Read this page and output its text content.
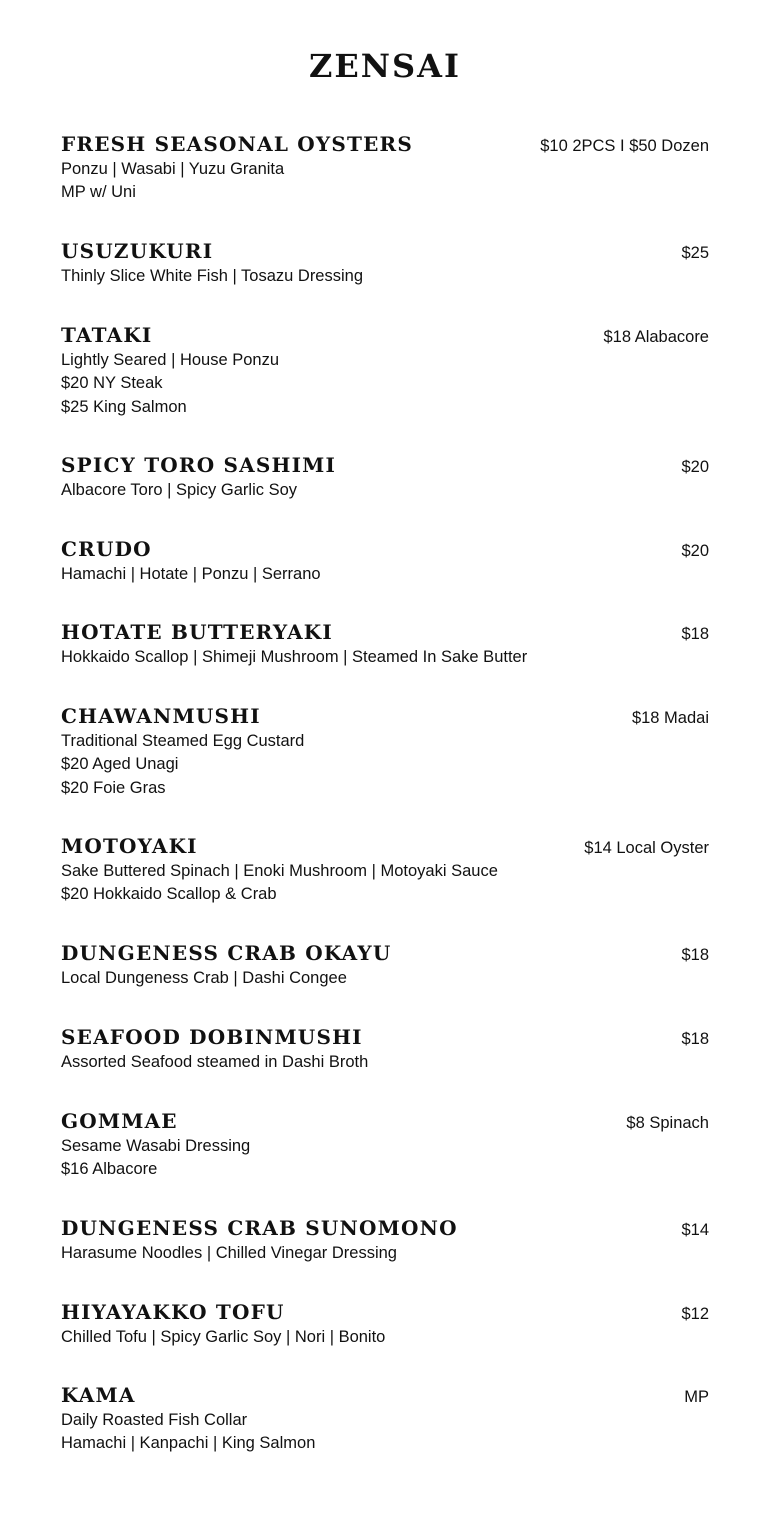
ZENSAI
FRESH SEASONAL OYSTERS	$10 2PCS I $50 Dozen
Ponzu | Wasabi | Yuzu Granita
MP w/ Uni
USUZUKURI	$25
Thinly Slice White Fish | Tosazu Dressing
TATAKI	$18 Alabacore
Lightly Seared | House Ponzu
$20 NY Steak
$25 King Salmon
SPICY TORO SASHIMI	$20
Albacore Toro | Spicy Garlic Soy
CRUDO	$20
Hamachi | Hotate | Ponzu | Serrano
HOTATE BUTTERYAKI	$18
Hokkaido Scallop | Shimeji Mushroom | Steamed In Sake Butter
CHAWANMUSHI	$18 Madai
Traditional Steamed Egg Custard
$20 Aged Unagi
$20 Foie Gras
MOTOYAKI	$14 Local Oyster
Sake Buttered Spinach | Enoki Mushroom | Motoyaki Sauce
$20 Hokkaido Scallop & Crab
DUNGENESS CRAB OKAYU	$18
Local Dungeness Crab | Dashi Congee
SEAFOOD DOBINMUSHI	$18
Assorted Seafood steamed in Dashi Broth
GOMMAE	$8 Spinach
Sesame Wasabi Dressing
$16 Albacore
DUNGENESS CRAB SUNOMONO	$14
Harasume Noodles | Chilled Vinegar Dressing
HIYAYAKKO TOFU	$12
Chilled Tofu | Spicy Garlic Soy | Nori | Bonito
KAMA	MP
Daily Roasted Fish Collar
Hamachi | Kanpachi | King Salmon
